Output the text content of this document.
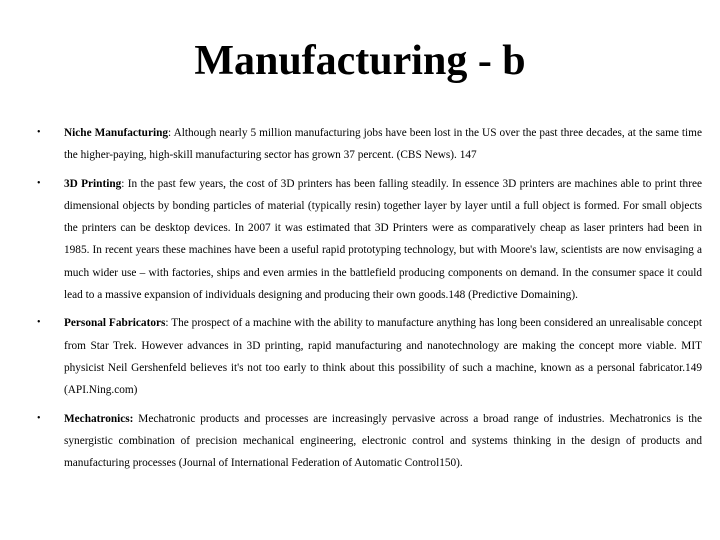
Manufacturing - b
• Niche Manufacturing: Although nearly 5 million manufacturing jobs have been lost in the US over the past three decades, at the same time the higher-paying, high-skill manufacturing sector has grown 37 percent. (CBS News). 147
• 3D Printing: In the past few years, the cost of 3D printers has been falling steadily. In essence 3D printers are machines able to print three dimensional objects by bonding particles of material (typically resin) together layer by layer until a full object is formed. For small objects the printers can be desktop devices. In 2007 it was estimated that 3D Printers were as comparatively cheap as laser printers had been in 1985. In recent years these machines have been a useful rapid prototyping technology, but with Moore's law, scientists are now envisaging a much wider use – with factories, ships and even armies in the battlefield producing components on demand. In the consumer space it could lead to a massive expansion of individuals designing and producing their own goods.148 (Predictive Domaining).
• Personal Fabricators: The prospect of a machine with the ability to manufacture anything has long been considered an unrealisable concept from Star Trek. However advances in 3D printing, rapid manufacturing and nanotechnology are making the concept more viable. MIT physicist Neil Gershenfeld believes it's not too early to think about this possibility of such a machine, known as a personal fabricator.149 (API.Ning.com)
• Mechatronics: Mechatronic products and processes are increasingly pervasive across a broad range of industries. Mechatronics is the synergistic combination of precision mechanical engineering, electronic control and systems thinking in the design of products and manufacturing processes (Journal of International Federation of Automatic Control150).
